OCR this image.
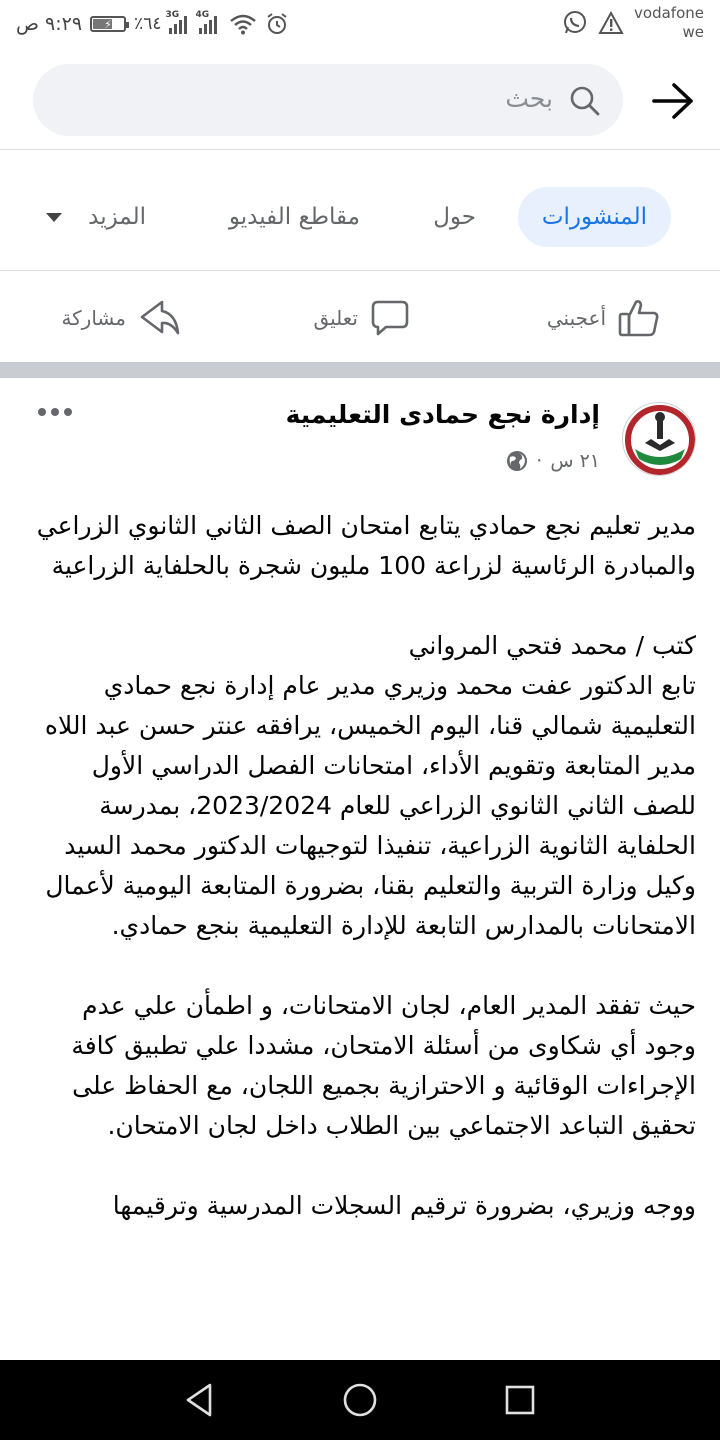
٩:٢٩ ص ⚡ ٪٦٤ 3G 4G	vodafone
we
بحث
المنشورات
حول
مقاطع الفيديو
المزيد
أعجبني
تعليق
مشاركة
إدارة نجع حمادى التعليمية
٢١ س
·

مدير تعليم نجع حمادي يتابع امتحان الصف الثاني الثانوي الزراعي والمبادرة الرئاسية لزراعة 100 مليون شجرة بالحلفاية الزراعية

كتب / محمد فتحي المرواني

تابع الدكتور عفت محمد وزيري مدير عام إدارة نجع حمادي التعليمية شمالي قنا، اليوم الخميس، يرافقه عنتر حسن عبد اللاه مدير المتابعة وتقويم الأداء، امتحانات الفصل الدراسي الأول للصف الثاني الثانوي الزراعي للعام 2023/2024، بمدرسة الحلفاية الثانوية الزراعية، تنفيذا لتوجيهات الدكتور محمد السيد وكيل وزارة التربية والتعليم بقنا، بضرورة المتابعة اليومية لأعمال الامتحانات بالمدارس التابعة للإدارة التعليمية بنجع حمادي.

حيث تفقد المدير العام، لجان الامتحانات، و اطمأن علي عدم وجود أي شكاوى من أسئلة الامتحان، مشددا علي تطبيق كافة الإجراءات الوقائية و الاحترازية بجميع اللجان، مع الحفاظ على تحقيق التباعد الاجتماعي بين الطلاب داخل لجان الامتحان.

ووجه وزيري، بضرورة ترقيم السجلات المدرسية وترقيمها
